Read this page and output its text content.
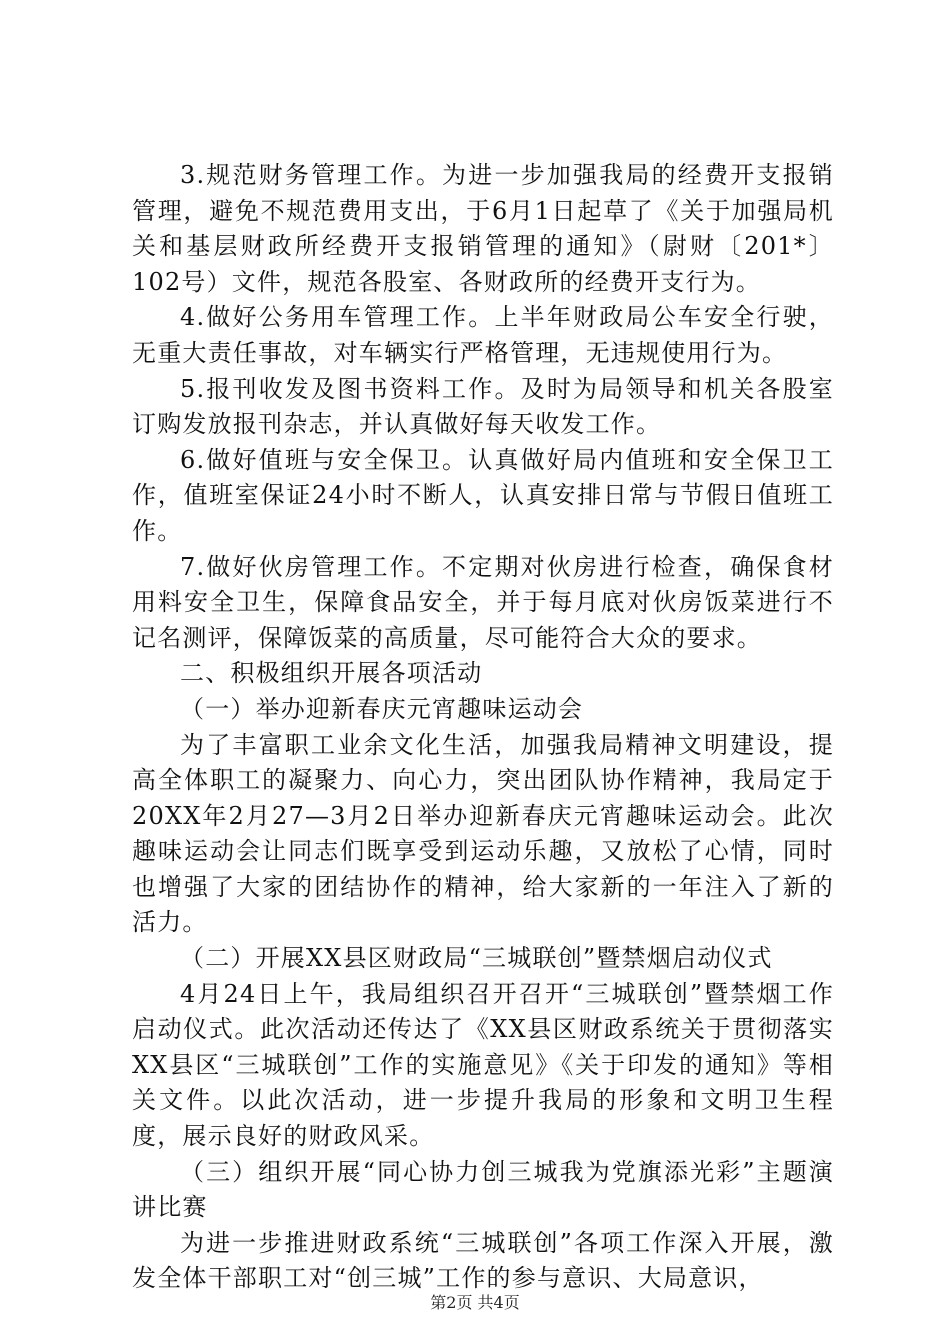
3.规范财务管理工作。为进一步加强我局的经费开支报销管理，避免不规范费用支出，于6月1日起草了《关于加强局机关和基层财政所经费开支报销管理的通知》（尉财〔201*〕102号）文件，规范各股室、各财政所的经费开支行为。

4.做好公务用车管理工作。上半年财政局公车安全行驶，无重大责任事故，对车辆实行严格管理，无违规使用行为。

5.报刊收发及图书资料工作。及时为局领导和机关各股室订购发放报刊杂志，并认真做好每天收发工作。

6.做好值班与安全保卫。认真做好局内值班和安全保卫工作，值班室保证24小时不断人，认真安排日常与节假日值班工作。

7.做好伙房管理工作。不定期对伙房进行检查，确保食材用料安全卫生，保障食品安全，并于每月底对伙房饭菜进行不记名测评，保障饭菜的高质量，尽可能符合大众的要求。

二、积极组织开展各项活动

（一）举办迎新春庆元宵趣味运动会

为了丰富职工业余文化生活，加强我局精神文明建设，提高全体职工的凝聚力、向心力，突出团队协作精神，我局定于20XX年2月27—3月2日举办迎新春庆元宵趣味运动会。此次趣味运动会让同志们既享受到运动乐趣，又放松了心情，同时也增强了大家的团结协作的精神，给大家新的一年注入了新的活力。

（二）开展XX县区财政局“三城联创”暨禁烟启动仪式

4月24日上午，我局组织召开召开“三城联创”暨禁烟工作启动仪式。此次活动还传达了《XX县区财政系统关于贯彻落实XX县区“三城联创”工作的实施意见》《关于印发的通知》等相关文件。以此次活动，进一步提升我局的形象和文明卫生程度，展示良好的财政风采。

（三）组织开展“同心协力创三城我为党旗添光彩”主题演讲比赛

为进一步推进财政系统“三城联创”各项工作深入开展，激发全体干部职工对“创三城”工作的参与意识、大局意识，

第2页 共4页
